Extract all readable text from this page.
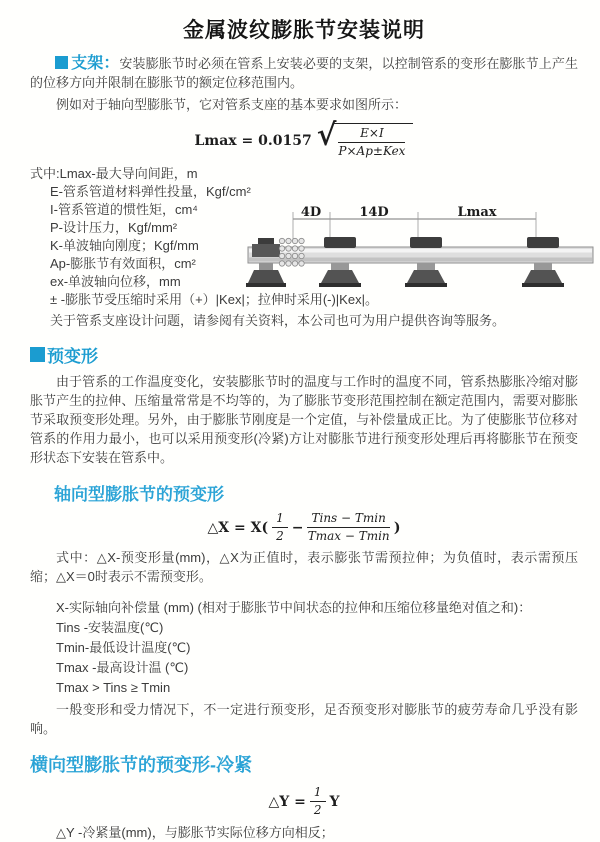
金属波纹膨胀节安装说明

支架：安装膨胀节时必须在管系上安装必要的支架，以控制管系的变形在膨胀节上产生的位移方向并限制在膨胀节的额定位移范围内。

例如对于轴向型膨胀节，它对管系支座的基本要求如图所示：

Lmax = 0.0157 √ $\frac{E\times I}{\text{P×Ap±Kex}}$
式中:Lmax-最大导向间距，m
E-管系管道材料弹性投量，Kgf/cm²
I-管系管道的惯性矩，cm⁴
P-设计压力，Kgf/mm²
K-单波轴向刚度；Kgf/mm
Ap-膨胀节有效面积，cm²
ex-单波轴向位移，mm
± -膨胀节受压缩时采用（+）|Kex|；拉伸时采用(-)|Kex|。
关于管系支座设计问题，请参阅有关资料，本公司也可为用户提供咨询等服务。
预变形

由于管系的工作温度变化，安装膨胀节时的温度与工作时的温度不同，管系热膨胀冷缩对膨胀节产生的拉伸、压缩量常常是不均等的，为了膨胀节变形范围控制在额定范围内，需要对膨胀节采取预变形处理。另外，由于膨胀节刚度是一个定值，与补偿量成正比。为了使膨胀节位移对管系的作用力最小，也可以采用预变形(冷紧)方让对膨胀节进行预变形处理后再将膨胀节在预变形状态下安装在管系中。

轴向型膨胀节的预变形
△X = $X( \frac{1}{2} - \frac{\text{Tins − Tmin}}{Tmax - Tmin}$ )

式中：△X-预变形量(mm)，△X为正值时，表示膨张节需预拉伸；为负值时，表示需预压缩；△X＝0时表示不需预变形。

X-实际轴向补偿量 (mm) (相对于膨胀节中间状态的拉伸和压缩位移量绝对值之和)：
Tins -安装温度(℃)
Tmin-最低设计温度(℃)
Tmax -最高设计温 (℃)
Tmax > Tins ≥ Tmin

一般变形和受力情况下，不一定进行预变形，足否预变形对膨胀节的疲劳寿命几乎没有影响。

横向型膨胀节的预变形-冷紧
△Y = $\frac{1}{2}$ Y
△Y -冷紧量(mm)，与膨胀节实际位移方向相反；
4D	14D	Lmax
